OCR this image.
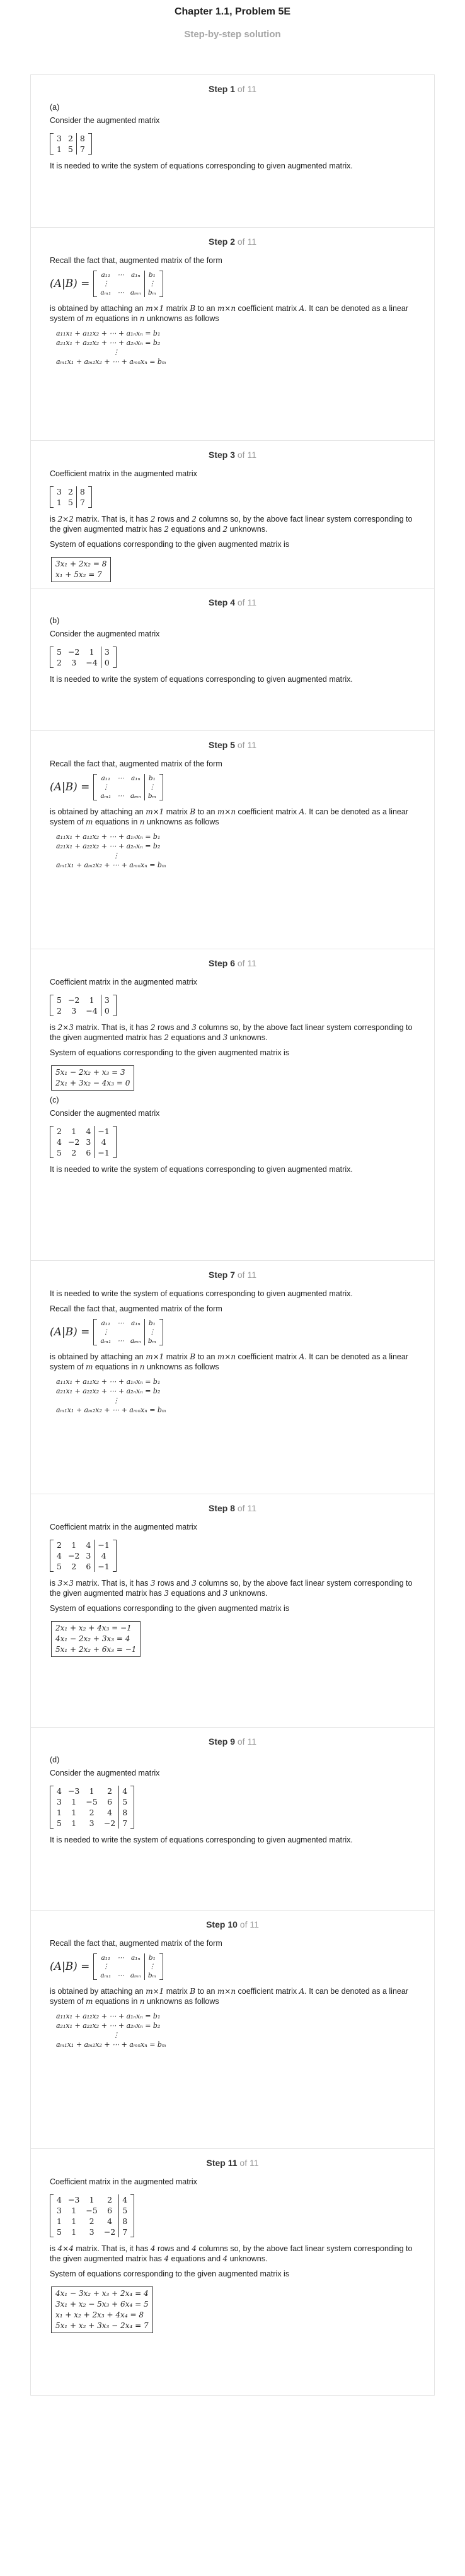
Chapter 1.1, Problem 5E
Step-by-step solution
Step 1 of 11
(a)
Consider the augmented matrix
3	2	8
1	5	7
It is needed to write the system of equations corresponding to given augmented matrix.
Step 2 of 11
Recall the fact that, augmented matrix of the form
(A|B) =
a₁₁	⋯	a₁ₙ	b₁
⋮			⋮
aₘ₁	⋯	aₘₙ	bₘ
is obtained by attaching an m×1 matrix B to an m×n coefficient matrix A. It can be denoted as a linear system of m equations in n unknowns as follows
a₁₁x₁ + a₁₂x₂ + ⋯ + a₁ₙxₙ = b₁
a₂₁x₁ + a₂₂x₂ + ⋯ + a₂ₙxₙ = b₂
⋮
aₘ₁x₁ + aₘ₂x₂ + ⋯ + aₘₙxₙ = bₘ
Step 3 of 11
Coefficient matrix in the augmented matrix
3	2	8
1	5	7
is 2×2 matrix. That is, it has 2 rows and 2 columns so, by the above fact linear system corresponding to the given augmented matrix has 2 equations and 2 unknowns.
System of equations corresponding to the given augmented matrix is
3x₁ + 2x₂ = 8
x₁ + 5x₂ = 7
Step 4 of 11
(b)
Consider the augmented matrix
5	−2	1	3
2	3	−4	0
It is needed to write the system of equations corresponding to given augmented matrix.
Step 5 of 11
Recall the fact that, augmented matrix of the form
(A|B) =
a₁₁	⋯	a₁ₙ	b₁
⋮			⋮
aₘ₁	⋯	aₘₙ	bₘ
is obtained by attaching an m×1 matrix B to an m×n coefficient matrix A. It can be denoted as a linear system of m equations in n unknowns as follows
a₁₁x₁ + a₁₂x₂ + ⋯ + a₁ₙxₙ = b₁
a₂₁x₁ + a₂₂x₂ + ⋯ + a₂ₙxₙ = b₂
⋮
aₘ₁x₁ + aₘ₂x₂ + ⋯ + aₘₙxₙ = bₘ
Step 6 of 11
Coefficient matrix in the augmented matrix
5	−2	1	3
2	3	−4	0
is 2×3 matrix. That is, it has 2 rows and 3 columns so, by the above fact linear system corresponding to the given augmented matrix has 2 equations and 3 unknowns.
System of equations corresponding to the given augmented matrix is
5x₁ − 2x₂ + x₃ = 3
2x₁ + 3x₂ − 4x₃ = 0
(c)
Consider the augmented matrix
2	1	4	−1
4	−2	3	4
5	2	6	−1
It is needed to write the system of equations corresponding to given augmented matrix.
Step 7 of 11
It is needed to write the system of equations corresponding to given augmented matrix.
Recall the fact that, augmented matrix of the form
(A|B) =
a₁₁	⋯	a₁ₙ	b₁
⋮			⋮
aₘ₁	⋯	aₘₙ	bₘ
is obtained by attaching an m×1 matrix B to an m×n coefficient matrix A. It can be denoted as a linear system of m equations in n unknowns as follows
a₁₁x₁ + a₁₂x₂ + ⋯ + a₁ₙxₙ = b₁
a₂₁x₁ + a₂₂x₂ + ⋯ + a₂ₙxₙ = b₂
⋮
aₘ₁x₁ + aₘ₂x₂ + ⋯ + aₘₙxₙ = bₘ
Step 8 of 11
Coefficient matrix in the augmented matrix
2	1	4	−1
4	−2	3	4
5	2	6	−1
is 3×3 matrix. That is, it has 3 rows and 3 columns so, by the above fact linear system corresponding to the given augmented matrix has 3 equations and 3 unknowns.
System of equations corresponding to the given augmented matrix is
2x₁ + x₂ + 4x₃ = −1
4x₁ − 2x₂ + 3x₃ = 4
5x₁ + 2x₂ + 6x₃ = −1
Step 9 of 11
(d)
Consider the augmented matrix
4	−3	1	2	4
3	1	−5	6	5
1	1	2	4	8
5	1	3	−2	7
It is needed to write the system of equations corresponding to given augmented matrix.
Step 10 of 11
Recall the fact that, augmented matrix of the form
(A|B) =
a₁₁	⋯	a₁ₙ	b₁
⋮			⋮
aₘ₁	⋯	aₘₙ	bₘ
is obtained by attaching an m×1 matrix B to an m×n coefficient matrix A. It can be denoted as a linear system of m equations in n unknowns as follows
a₁₁x₁ + a₁₂x₂ + ⋯ + a₁ₙxₙ = b₁
a₂₁x₁ + a₂₂x₂ + ⋯ + a₂ₙxₙ = b₂
⋮
aₘ₁x₁ + aₘ₂x₂ + ⋯ + aₘₙxₙ = bₘ
Step 11 of 11
Coefficient matrix in the augmented matrix
4	−3	1	2	4
3	1	−5	6	5
1	1	2	4	8
5	1	3	−2	7
is 4×4 matrix. That is, it has 4 rows and 4 columns so, by the above fact linear system corresponding to the given augmented matrix has 4 equations and 4 unknowns.
System of equations corresponding to the given augmented matrix is
4x₁ − 3x₂ + x₃ + 2x₄ = 4
3x₁ + x₂ − 5x₃ + 6x₄ = 5
x₁ + x₂ + 2x₃ + 4x₄ = 8
5x₁ + x₂ + 3x₃ − 2x₄ = 7
